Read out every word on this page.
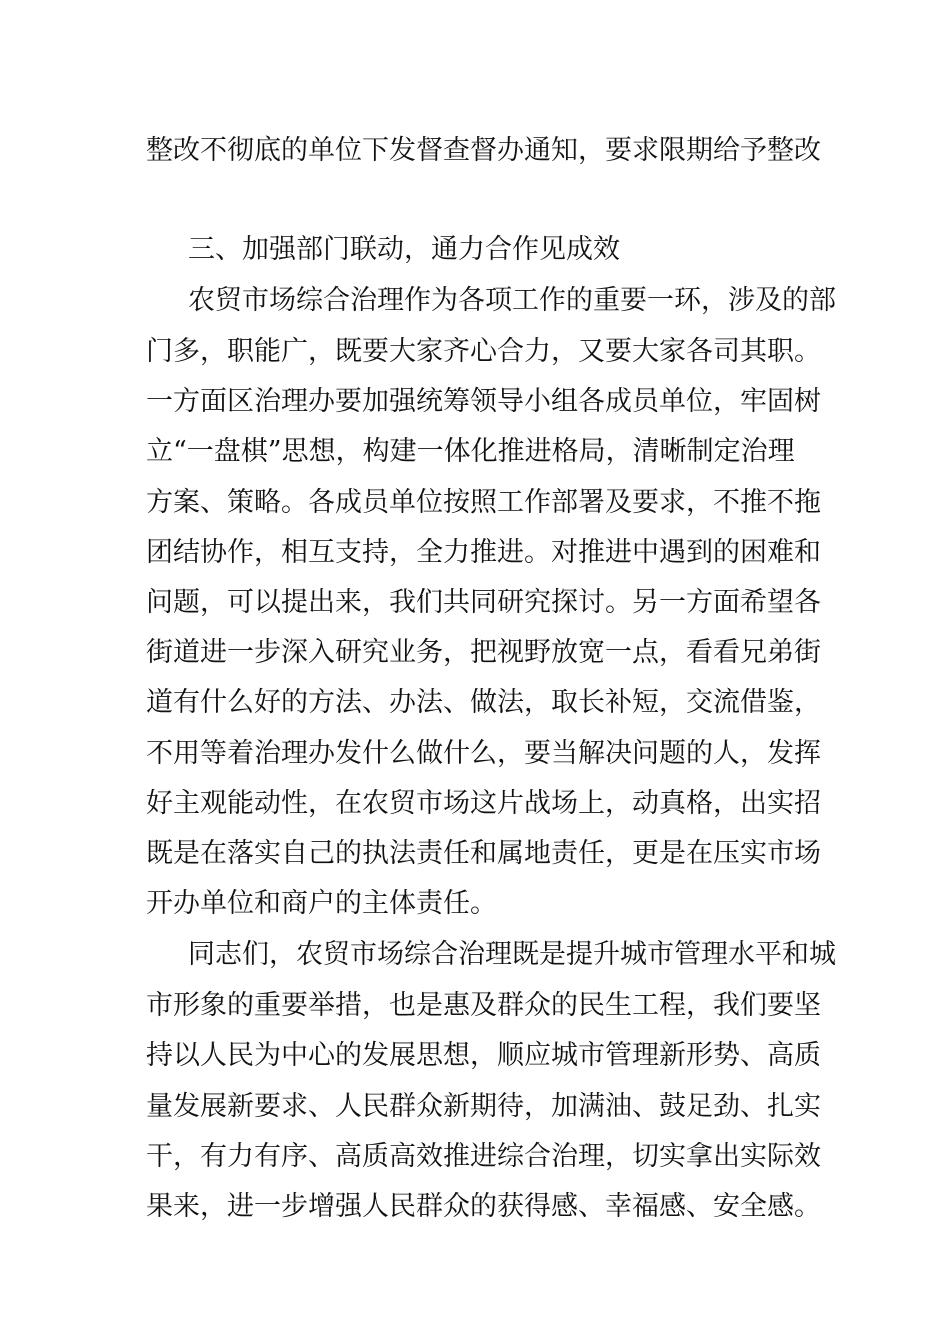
整改不彻底的单位下发督查督办通知，要求限期给予整改
三、加强部门联动，通力合作见成效
农贸市场综合治理作为各项工作的重要一环，涉及的部
门多，职能广，既要大家齐心合力，又要大家各司其职。
一方面区治理办要加强统筹领导小组各成员单位，牢固树
立“一盘棋”思想，构建一体化推进格局，清晰制定治理
方案、策略。各成员单位按照工作部署及要求，不推不拖
团结协作，相互支持，全力推进。对推进中遇到的困难和
问题，可以提出来，我们共同研究探讨。另一方面希望各
街道进一步深入研究业务，把视野放宽一点，看看兄弟街
道有什么好的方法、办法、做法，取长补短，交流借鉴，
不用等着治理办发什么做什么，要当解决问题的人，发挥
好主观能动性，在农贸市场这片战场上，动真格，出实招
既是在落实自己的执法责任和属地责任，更是在压实市场
开办单位和商户的主体责任。
同志们，农贸市场综合治理既是提升城市管理水平和城
市形象的重要举措，也是惠及群众的民生工程，我们要坚
持以人民为中心的发展思想，顺应城市管理新形势、高质
量发展新要求、人民群众新期待，加满油、鼓足劲、扎实
干，有力有序、高质高效推进综合治理，切实拿出实际效
果来，进一步增强人民群众的获得感、幸福感、安全感。
